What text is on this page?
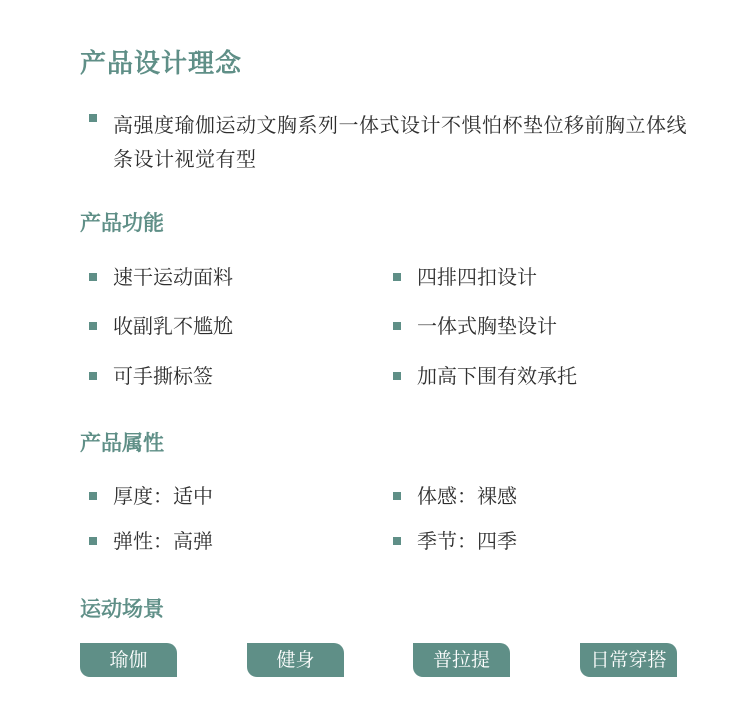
产品设计理念
高强度瑜伽运动文胸系列一体式设计不惧怕杯垫位移前胸立体线条设计视觉有型
产品功能
速干运动面料	四排四扣设计
收副乳不尴尬	一体式胸垫设计
可手撕标签	加高下围有效承托
产品属性
厚度：适中	体感：裸感
弹性：高弹	季节：四季
运动场景
瑜伽	健身	普拉提	日常穿搭
